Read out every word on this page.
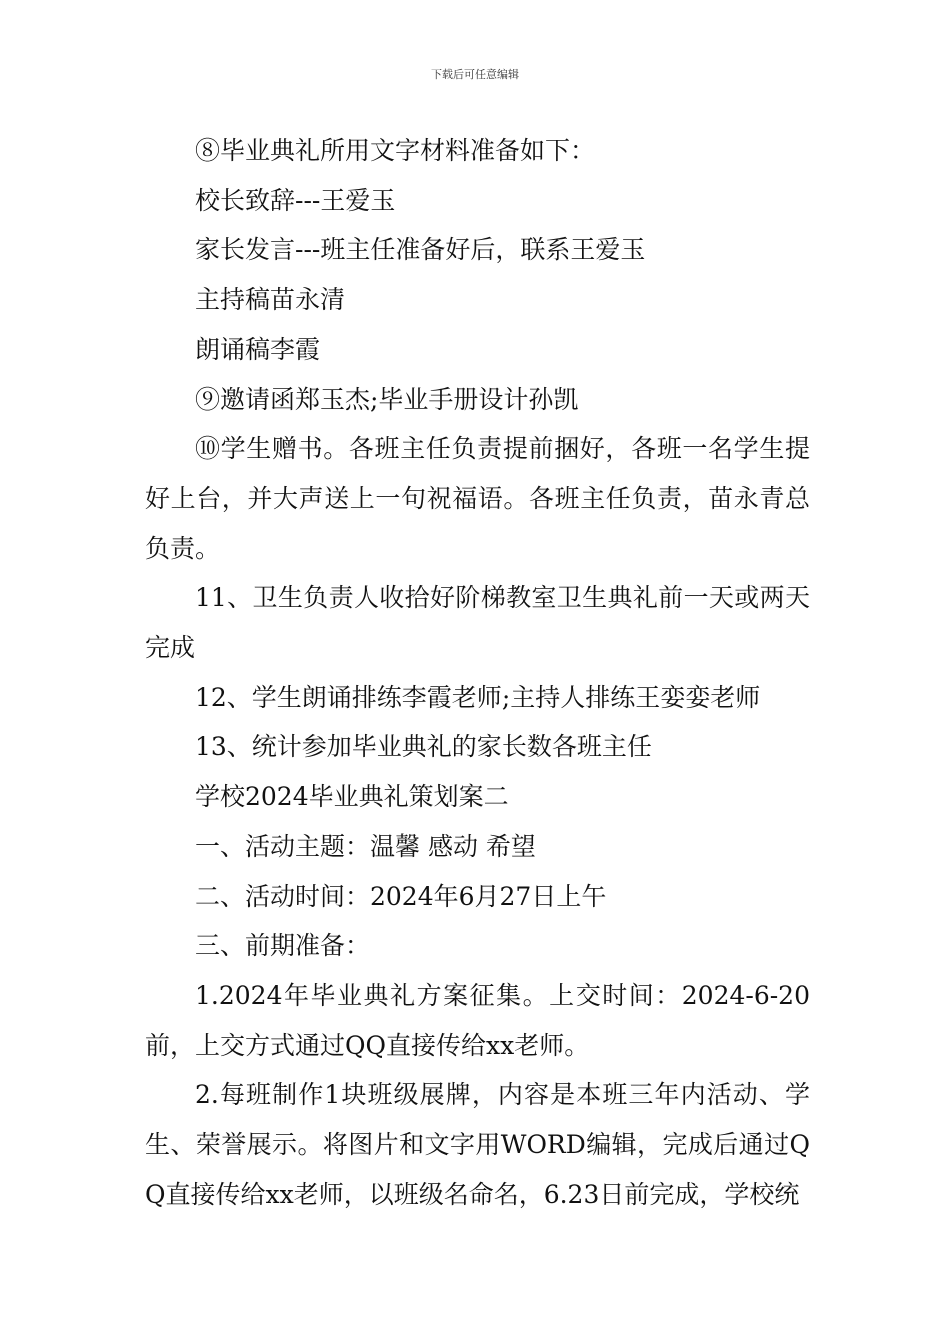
下载后可任意编辑

⑧毕业典礼所用文字材料准备如下：

校长致辞---王爱玉

家长发言---班主任准备好后，联系王爱玉

主持稿苗永清

朗诵稿李霞

⑨邀请函郑玉杰;毕业手册设计孙凯

⑩学生赠书。各班主任负责提前捆好，各班一名学生提好上台，并大声送上一句祝福语。各班主任负责，苗永青总负责。

11、卫生负责人收拾好阶梯教室卫生典礼前一天或两天完成

12、学生朗诵排练李霞老师;主持人排练王娈娈老师

13、统计参加毕业典礼的家长数各班主任

学校2024毕业典礼策划案二

一、活动主题：温馨 感动 希望

二、活动时间：2024年6月27日上午

三、前期准备：

1.2024年毕业典礼方案征集。上交时间：2024-6-20前，上交方式通过QQ直接传给xx老师。

2.每班制作1块班级展牌，内容是本班三年内活动、学生、荣誉展示。将图片和文字用WORD编辑，完成后通过QQ直接传给xx老师，以班级名命名，6.23日前完成，学校统
